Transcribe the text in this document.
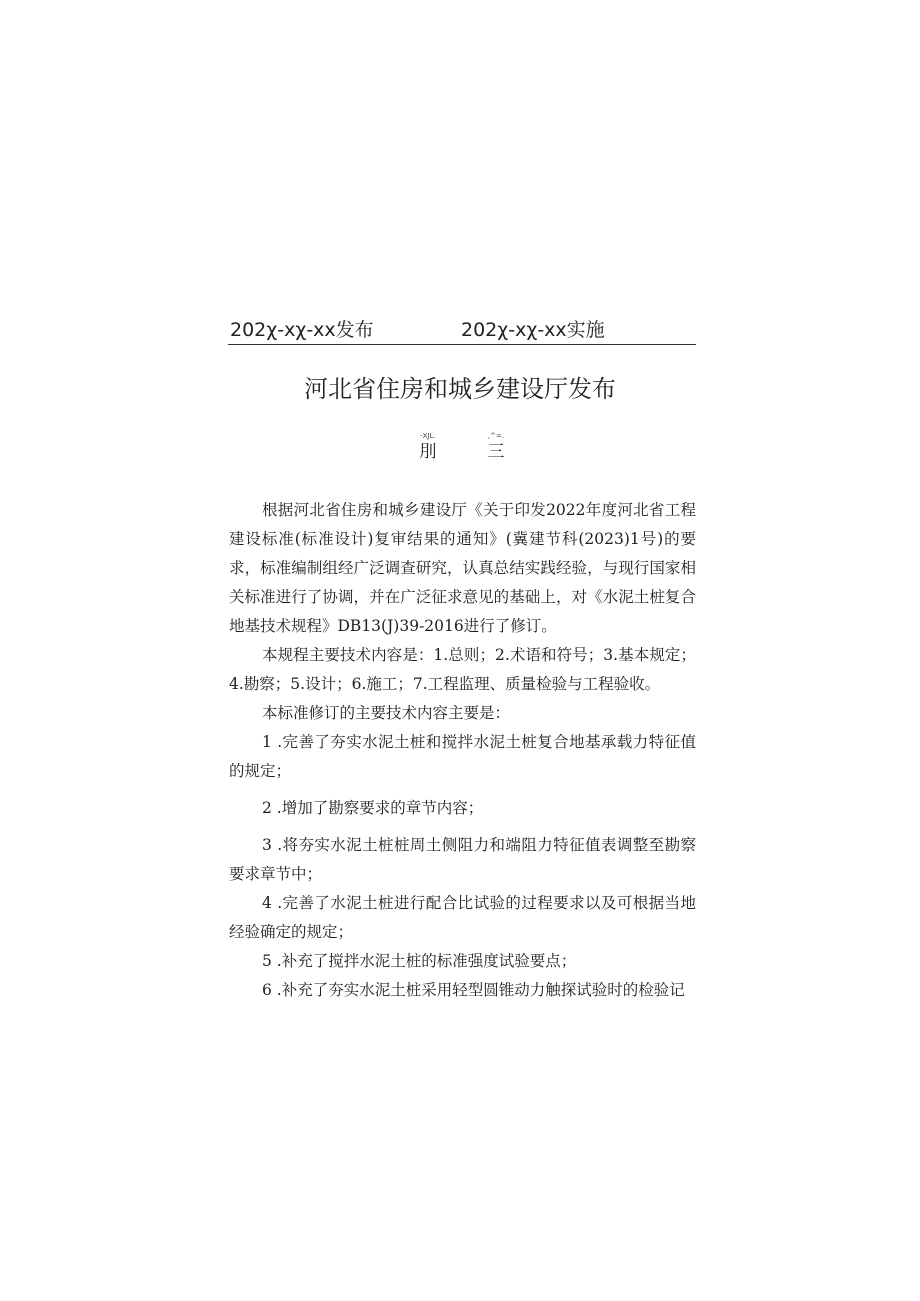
202χ-xχ-xx发布	202χ-xχ-xx实施
河北省住房和城乡建设厅发布
-XJL.
刖
,^=.
三

根据河北省住房和城乡建设厅《关于印发2022年度河北省工程建设标准(标准设计)复审结果的通知》(冀建节科(2023)1号)的要求，标准编制组经广泛调查研究，认真总结实践经验，与现行国家相关标准进行了协调，并在广泛征求意见的基础上，对《水泥土桩复合地基技术规程》DB13(J)39-2016进行了修订。

本规程主要技术内容是：1.总则；2.术语和符号；3.基本规定；4.勘察；5.设计；6.施工；7.工程监理、质量检验与工程验收。

本标准修订的主要技术内容主要是：

1 .完善了夯实水泥土桩和搅拌水泥土桩复合地基承载力特征值的规定；

2 .增加了勘察要求的章节内容；

3 .将夯实水泥土桩桩周土侧阻力和端阻力特征值表调整至勘察要求章节中；

4 .完善了水泥土桩进行配合比试验的过程要求以及可根据当地经验确定的规定；

5 .补充了搅拌水泥土桩的标准强度试验要点；

6 .补充了夯实水泥土桩采用轻型圆锥动力触探试验时的检验记
